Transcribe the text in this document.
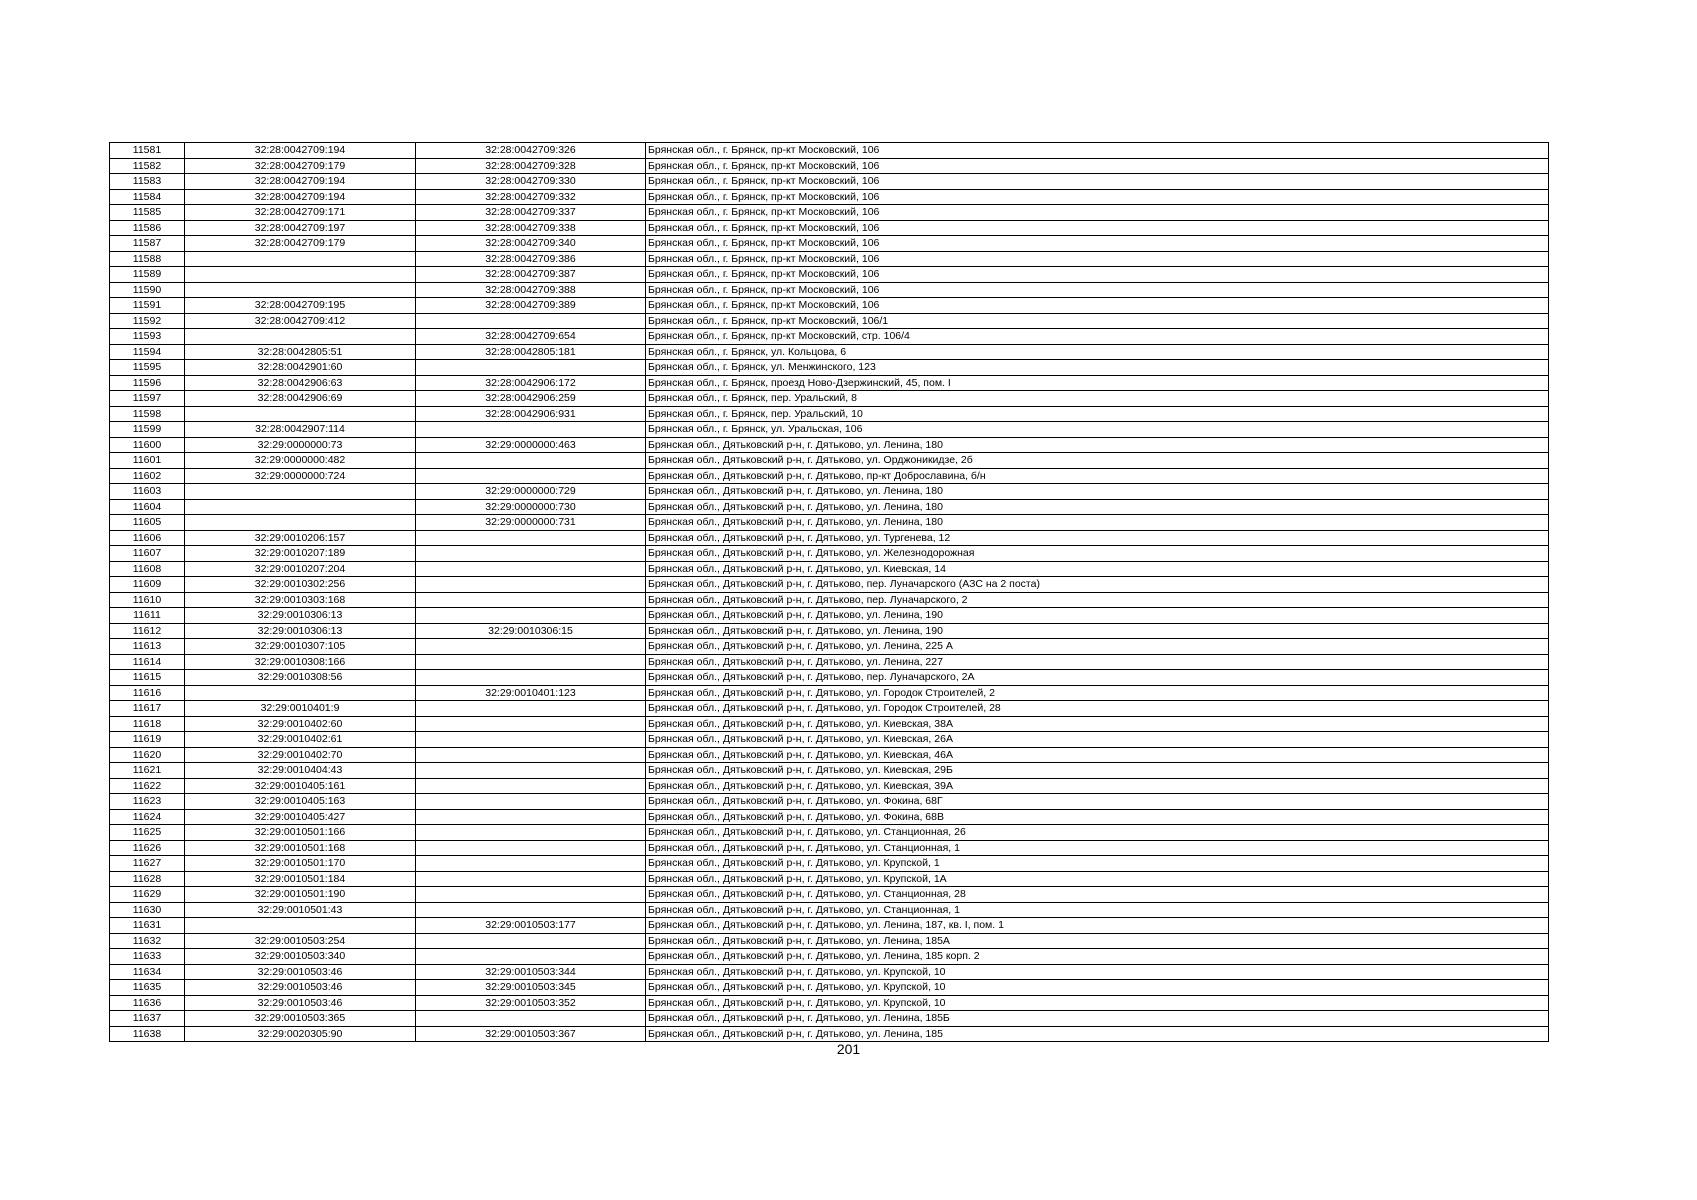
11581	32:28:0042709:194	32:28:0042709:326	Брянская обл., г. Брянск, пр-кт Московский, 106
11582	32:28:0042709:179	32:28:0042709:328	Брянская обл., г. Брянск, пр-кт Московский, 106
11583	32:28:0042709:194	32:28:0042709:330	Брянская обл., г. Брянск, пр-кт Московский, 106
11584	32:28:0042709:194	32:28:0042709:332	Брянская обл., г. Брянск, пр-кт Московский, 106
11585	32:28:0042709:171	32:28:0042709:337	Брянская обл., г. Брянск, пр-кт Московский, 106
11586	32:28:0042709:197	32:28:0042709:338	Брянская обл., г. Брянск, пр-кт Московский, 106
11587	32:28:0042709:179	32:28:0042709:340	Брянская обл., г. Брянск, пр-кт Московский, 106
11588		32:28:0042709:386	Брянская обл., г. Брянск, пр-кт Московский, 106
11589		32:28:0042709:387	Брянская обл., г. Брянск, пр-кт Московский, 106
11590		32:28:0042709:388	Брянская обл., г. Брянск, пр-кт Московский, 106
11591	32:28:0042709:195	32:28:0042709:389	Брянская обл., г. Брянск, пр-кт Московский, 106
11592	32:28:0042709:412		Брянская обл., г. Брянск, пр-кт Московский, 106/1
11593		32:28:0042709:654	Брянская обл., г. Брянск, пр-кт Московский, стр. 106/4
11594	32:28:0042805:51	32:28:0042805:181	Брянская обл., г. Брянск, ул. Кольцова, 6
11595	32:28:0042901:60		Брянская обл., г. Брянск, ул. Менжинского, 123
11596	32:28:0042906:63	32:28:0042906:172	Брянская обл., г. Брянск, проезд Ново-Дзержинский, 45, пом. I
11597	32:28:0042906:69	32:28:0042906:259	Брянская обл., г. Брянск, пер. Уральский, 8
11598		32:28:0042906:931	Брянская обл., г. Брянск, пер. Уральский, 10
11599	32:28:0042907:114		Брянская обл., г. Брянск, ул. Уральская, 106
11600	32:29:0000000:73	32:29:0000000:463	Брянская обл., Дятьковский р-н, г. Дятьково, ул. Ленина, 180
11601	32:29:0000000:482		Брянская обл., Дятьковский р-н, г. Дятьково, ул. Орджоникидзе, 2б
11602	32:29:0000000:724		Брянская обл., Дятьковский р-н, г. Дятьково, пр-кт Доброславина, б/н
11603		32:29:0000000:729	Брянская обл., Дятьковский р-н, г. Дятьково, ул. Ленина, 180
11604		32:29:0000000:730	Брянская обл., Дятьковский р-н, г. Дятьково, ул. Ленина, 180
11605		32:29:0000000:731	Брянская обл., Дятьковский р-н, г. Дятьково, ул. Ленина, 180
11606	32:29:0010206:157		Брянская обл., Дятьковский р-н, г. Дятьково, ул. Тургенева, 12
11607	32:29:0010207:189		Брянская обл., Дятьковский р-н, г. Дятьково, ул. Железнодорожная
11608	32:29:0010207:204		Брянская обл., Дятьковский р-н, г. Дятьково, ул. Киевская, 14
11609	32:29:0010302:256		Брянская обл., Дятьковский р-н, г. Дятьково, пер. Луначарского (АЗС на 2 поста)
11610	32:29:0010303:168		Брянская обл., Дятьковский р-н, г. Дятьково, пер. Луначарского, 2
11611	32:29:0010306:13		Брянская обл., Дятьковский р-н, г. Дятьково, ул. Ленина, 190
11612	32:29:0010306:13	32:29:0010306:15	Брянская обл., Дятьковский р-н, г. Дятьково, ул. Ленина, 190
11613	32:29:0010307:105		Брянская обл., Дятьковский р-н, г. Дятьково, ул. Ленина, 225 А
11614	32:29:0010308:166		Брянская обл., Дятьковский р-н, г. Дятьково, ул. Ленина, 227
11615	32:29:0010308:56		Брянская обл., Дятьковский р-н, г. Дятьково, пер. Луначарского, 2А
11616		32:29:0010401:123	Брянская обл., Дятьковский р-н, г. Дятьково, ул. Городок Строителей, 2
11617	32:29:0010401:9		Брянская обл., Дятьковский р-н, г. Дятьково, ул. Городок Строителей, 28
11618	32:29:0010402:60		Брянская обл., Дятьковский р-н, г. Дятьково, ул. Киевская, 38А
11619	32:29:0010402:61		Брянская обл., Дятьковский р-н, г. Дятьково, ул. Киевская, 26А
11620	32:29:0010402:70		Брянская обл., Дятьковский р-н, г. Дятьково, ул. Киевская, 46А
11621	32:29:0010404:43		Брянская обл., Дятьковский р-н, г. Дятьково, ул. Киевская, 29Б
11622	32:29:0010405:161		Брянская обл., Дятьковский р-н, г. Дятьково, ул. Киевская, 39А
11623	32:29:0010405:163		Брянская обл., Дятьковский р-н, г. Дятьково, ул. Фокина, 68Г
11624	32:29:0010405:427		Брянская обл., Дятьковский р-н, г. Дятьково, ул. Фокина, 68В
11625	32:29:0010501:166		Брянская обл., Дятьковский р-н, г. Дятьково, ул. Станционная, 26
11626	32:29:0010501:168		Брянская обл., Дятьковский р-н, г. Дятьково, ул. Станционная, 1
11627	32:29:0010501:170		Брянская обл., Дятьковский р-н, г. Дятьково, ул. Крупской, 1
11628	32:29:0010501:184		Брянская обл., Дятьковский р-н, г. Дятьково, ул. Крупской, 1А
11629	32:29:0010501:190		Брянская обл., Дятьковский р-н, г. Дятьково, ул. Станционная, 28
11630	32:29:0010501:43		Брянская обл., Дятьковский р-н, г. Дятьково, ул. Станционная, 1
11631		32:29:0010503:177	Брянская обл., Дятьковский р-н, г. Дятьково, ул. Ленина, 187, кв. I, пом. 1
11632	32:29:0010503:254		Брянская обл., Дятьковский р-н, г. Дятьково, ул. Ленина, 185А
11633	32:29:0010503:340		Брянская обл., Дятьковский р-н, г. Дятьково, ул. Ленина, 185 корп. 2
11634	32:29:0010503:46	32:29:0010503:344	Брянская обл., Дятьковский р-н, г. Дятьково, ул. Крупской, 10
11635	32:29:0010503:46	32:29:0010503:345	Брянская обл., Дятьковский р-н, г. Дятьково, ул. Крупской, 10
11636	32:29:0010503:46	32:29:0010503:352	Брянская обл., Дятьковский р-н, г. Дятьково, ул. Крупской, 10
11637	32:29:0010503:365		Брянская обл., Дятьковский р-н, г. Дятьково, ул. Ленина, 185Б
11638	32:29:0020305:90	32:29:0010503:367	Брянская обл., Дятьковский р-н, г. Дятьково, ул. Ленина, 185
201
